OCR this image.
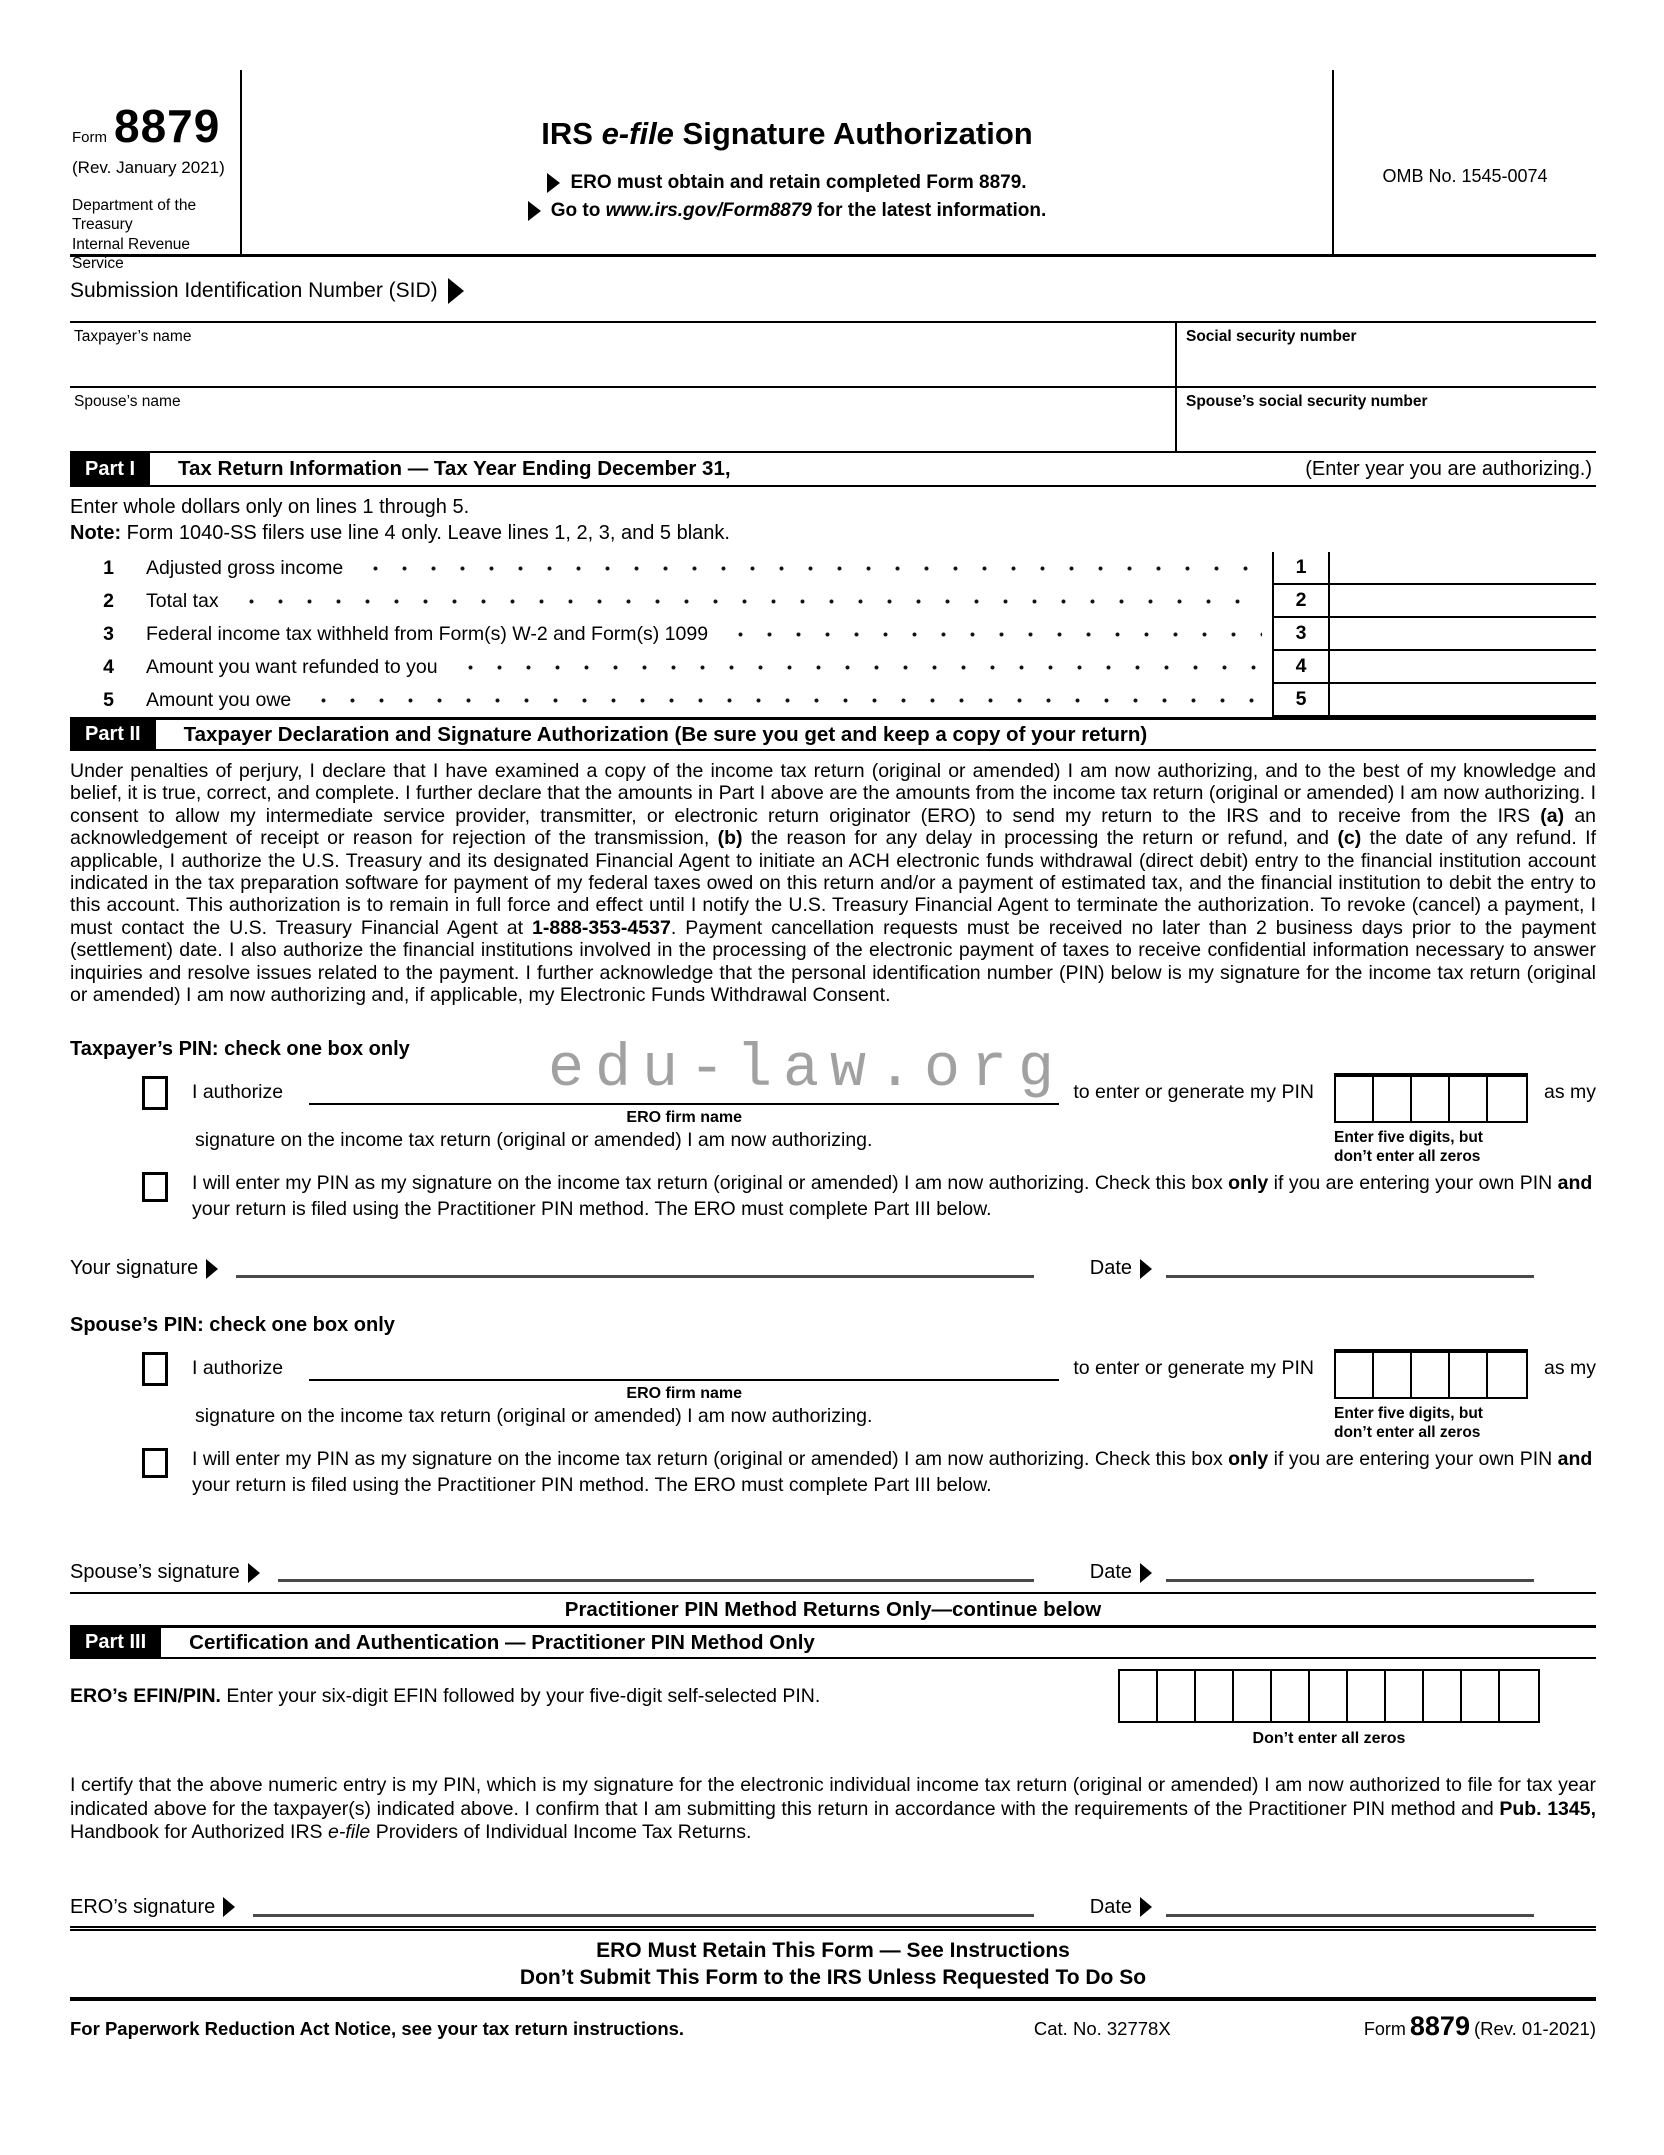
Form 8879
(Rev. January 2021)
Department of the Treasury
Internal Revenue Service
IRS e-file Signature Authorization
ERO must obtain and retain completed Form 8879.
Go to www.irs.gov/Form8879 for the latest information.
OMB No. 1545-0074
Submission Identification Number (SID)
Taxpayer’s name	Social security number
Spouse’s name	Spouse’s social security number
Part I	Tax Return Information — Tax Year Ending December 31,	(Enter year you are authorizing.)
Enter whole dollars only on lines 1 through 5.
Note: Form 1040-SS filers use line 4 only. Leave lines 1, 2, 3, and 5 blank.
1 Adjusted gross income	1
2 Total tax	2
3 Federal income tax withheld from Form(s) W-2 and Form(s) 1099	3
4 Amount you want refunded to you	4
5 Amount you owe	5
Part II	Taxpayer Declaration and Signature Authorization (Be sure you get and keep a copy of your return)
Under penalties of perjury, I declare that I have examined a copy of the income tax return (original or amended) I am now authorizing, and to the best of my knowledge and belief, it is true, correct, and complete. I further declare that the amounts in Part I above are the amounts from the income tax return (original or amended) I am now authorizing. I consent to allow my intermediate service provider, transmitter, or electronic return originator (ERO) to send my return to the IRS and to receive from the IRS (a) an acknowledgement of receipt or reason for rejection of the transmission, (b) the reason for any delay in processing the return or refund, and (c) the date of any refund. If applicable, I authorize the U.S. Treasury and its designated Financial Agent to initiate an ACH electronic funds withdrawal (direct debit) entry to the financial institution account indicated in the tax preparation software for payment of my federal taxes owed on this return and/or a payment of estimated tax, and the financial institution to debit the entry to this account. This authorization is to remain in full force and effect until I notify the U.S. Treasury Financial Agent to terminate the authorization. To revoke (cancel) a payment, I must contact the U.S. Treasury Financial Agent at 1-888-353-4537. Payment cancellation requests must be received no later than 2 business days prior to the payment (settlement) date. I also authorize the financial institutions involved in the processing of the electronic payment of taxes to receive confidential information necessary to answer inquiries and resolve issues related to the payment. I further acknowledge that the personal identification number (PIN) below is my signature for the income tax return (original or amended) I am now authorizing and, if applicable, my Electronic Funds Withdrawal Consent.
Taxpayer’s PIN: check one box only
I authorize
ERO firm name
to enter or generate my PIN
Enter five digits, but
don’t enter all zeros
as my
signature on the income tax return (original or amended) I am now authorizing.
I will enter my PIN as my signature on the income tax return (original or amended) I am now authorizing. Check this box only if you are entering your own PIN and your return is filed using the Practitioner PIN method. The ERO must complete Part III below.
Your signature	Date
Spouse’s PIN: check one box only
I authorize
ERO firm name
to enter or generate my PIN
Enter five digits, but
don’t enter all zeros
as my
signature on the income tax return (original or amended) I am now authorizing.
I will enter my PIN as my signature on the income tax return (original or amended) I am now authorizing. Check this box only if you are entering your own PIN and your return is filed using the Practitioner PIN method. The ERO must complete Part III below.
Spouse’s signature	Date
Practitioner PIN Method Returns Only—continue below
Part III	Certification and Authentication — Practitioner PIN Method Only
ERO’s EFIN/PIN. Enter your six-digit EFIN followed by your five-digit self-selected PIN.
Don’t enter all zeros
I certify that the above numeric entry is my PIN, which is my signature for the electronic individual income tax return (original or amended) I am now authorized to file for tax year indicated above for the taxpayer(s) indicated above. I confirm that I am submitting this return in accordance with the requirements of the Practitioner PIN method and Pub. 1345, Handbook for Authorized IRS e-file Providers of Individual Income Tax Returns.
ERO’s signature	Date
ERO Must Retain This Form — See Instructions
Don’t Submit This Form to the IRS Unless Requested To Do So
For Paperwork Reduction Act Notice, see your tax return instructions.	Cat. No. 32778X	Form 8879 (Rev. 01-2021)
edu-law.org
